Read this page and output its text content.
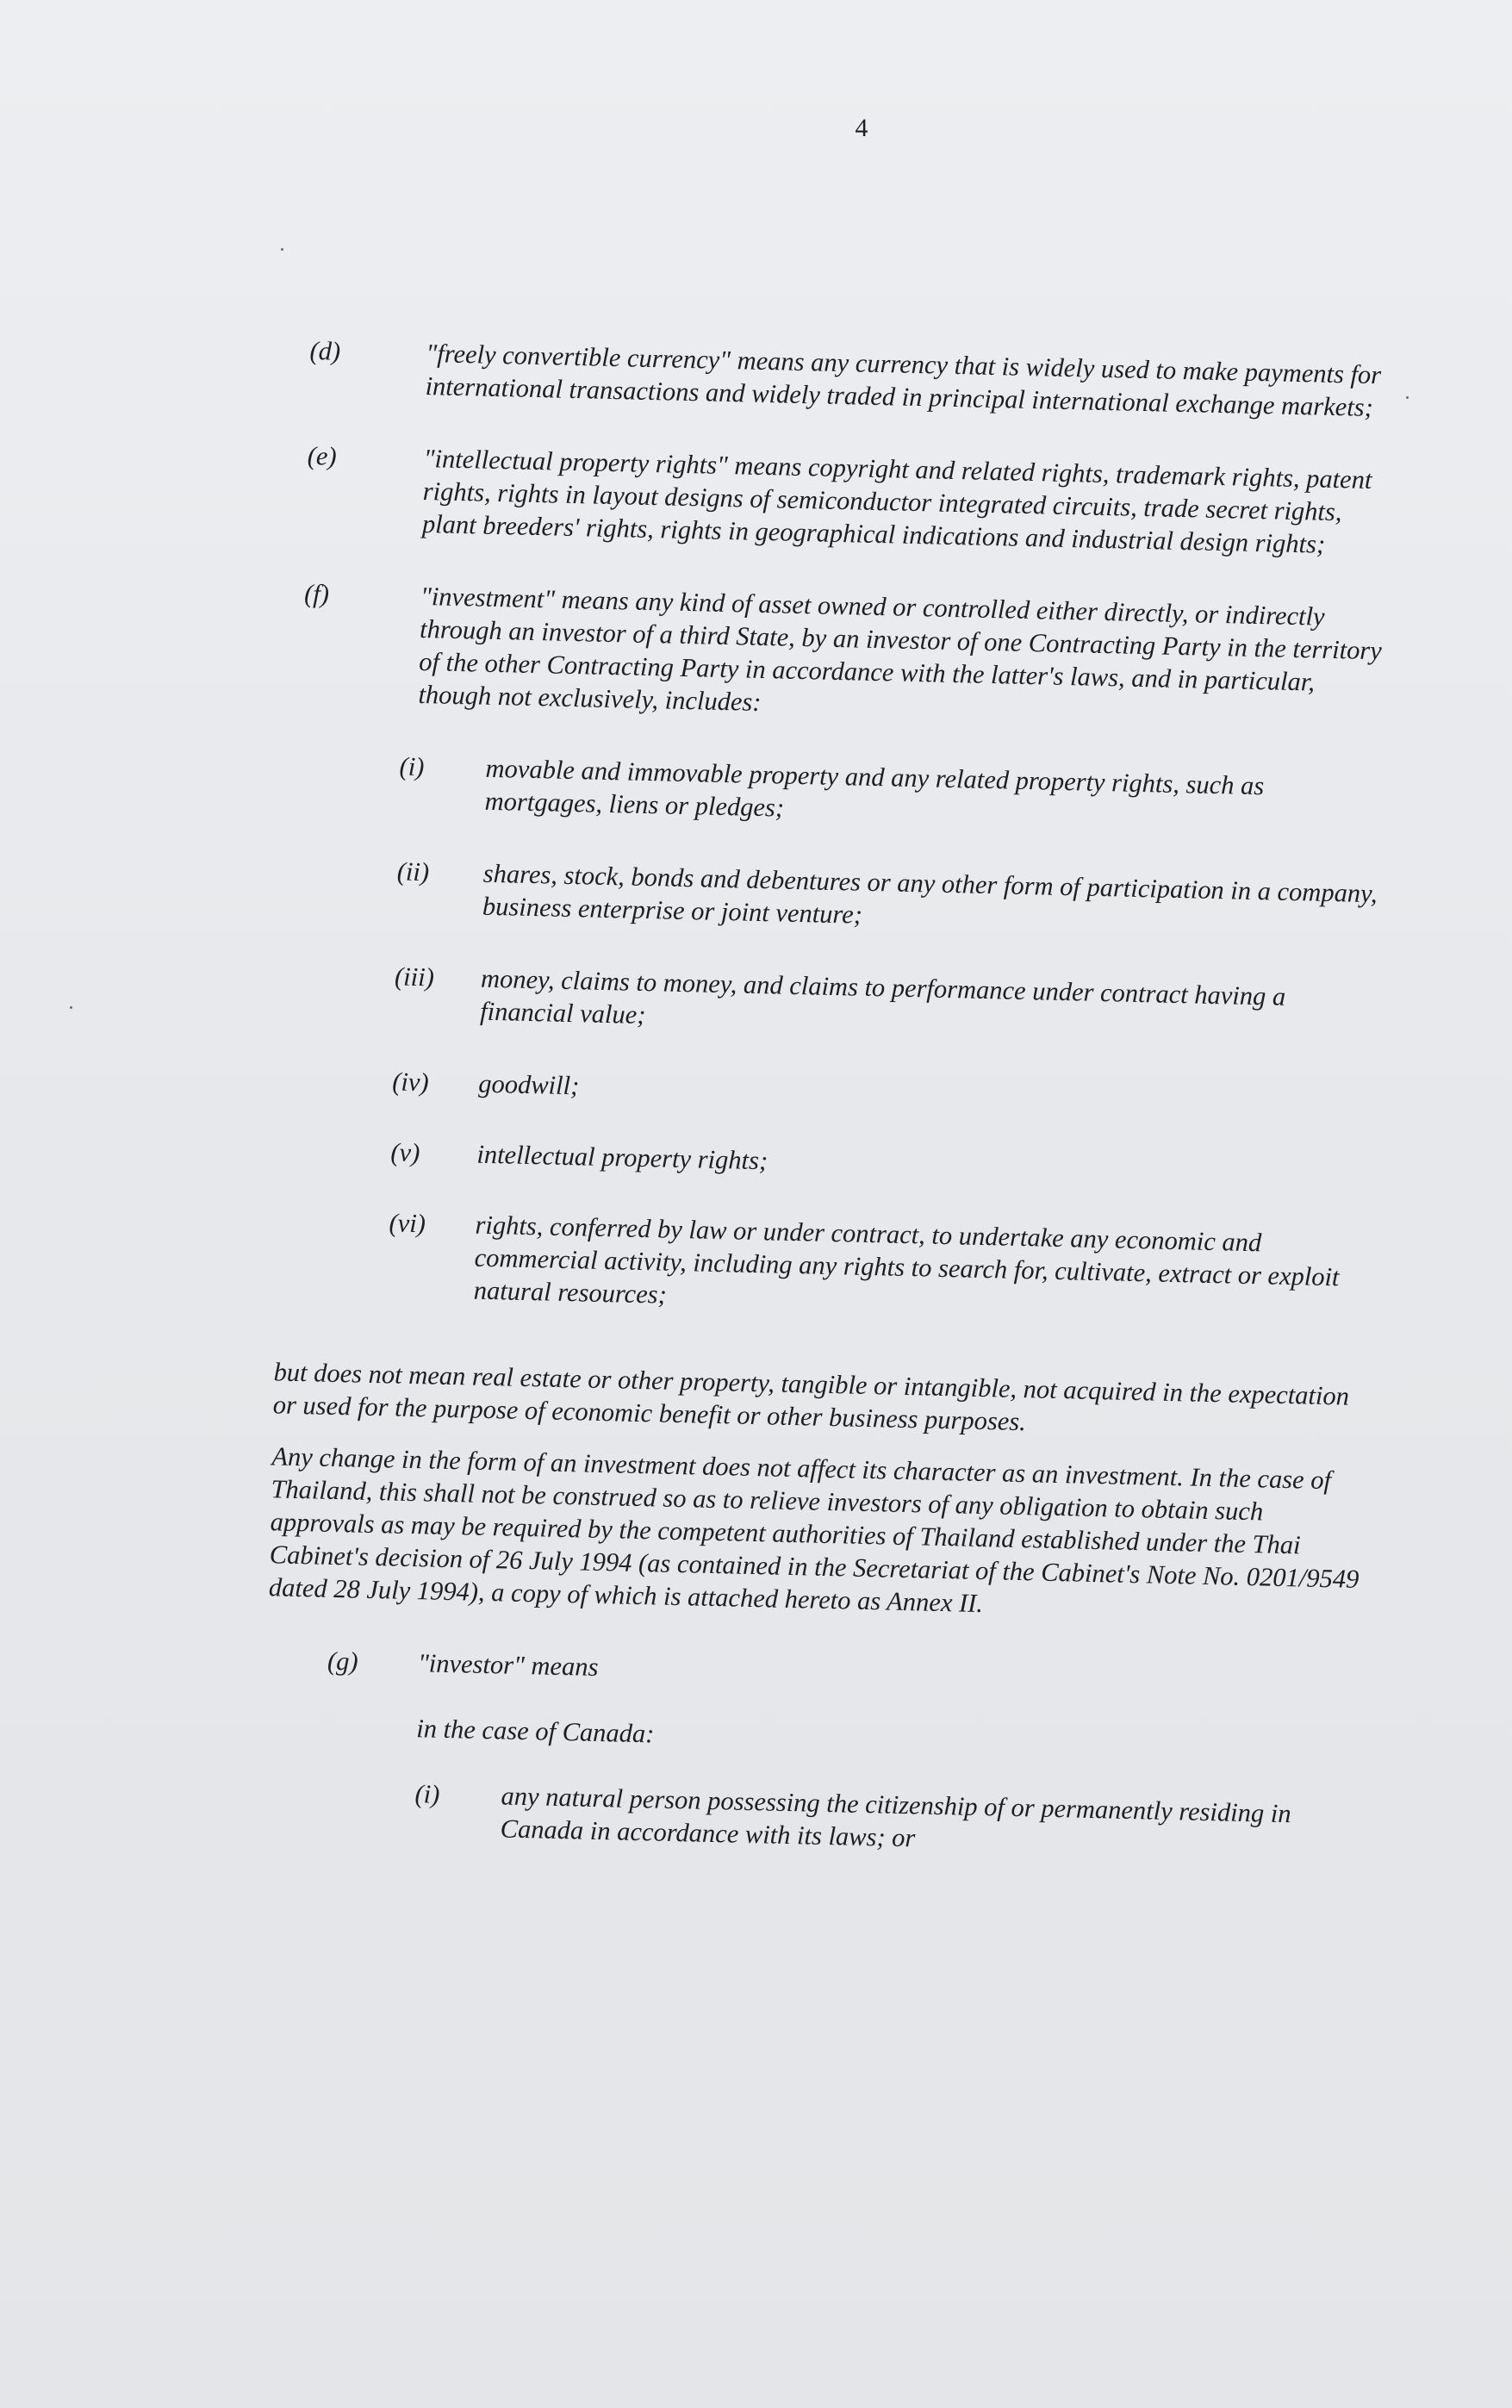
4
(d)	"freely convertible currency" means any currency that is widely used to make payments for international transactions and widely traded in principal international exchange markets;

(e)	"intellectual property rights" means copyright and related rights, trademark rights, patent rights, rights in layout designs of semiconductor integrated circuits, trade secret rights, plant breeders' rights, rights in geographical indications and industrial design rights;

(f)	"investment" means any kind of asset owned or controlled either directly, or indirectly through an investor of a third State, by an investor of one Contracting Party in the territory of the other Contracting Party in accordance with the latter's laws, and in particular, though not exclusively, includes:

(i) movable and immovable property and any related property rights, such as mortgages, liens or pledges;

(ii) shares, stock, bonds and debentures or any other form of participation in a company, business enterprise or joint venture;

(iii) money, claims to money, and claims to performance under contract having a financial value;

(iv) goodwill;

(v) intellectual property rights;

(vi) rights, conferred by law or under contract, to undertake any economic and commercial activity, including any rights to search for, cultivate, extract or exploit natural resources;

but does not mean real estate or other property, tangible or intangible, not acquired in the expectation or used for the purpose of economic benefit or other business purposes.

Any change in the form of an investment does not affect its character as an investment. In the case of Thailand, this shall not be construed so as to relieve investors of any obligation to obtain such approvals as may be required by the competent authorities of Thailand established under the Thai Cabinet's decision of 26 July 1994 (as contained in the Secretariat of the Cabinet's Note No. 0201/9549 dated 28 July 1994), a copy of which is attached hereto as Annex II.

(g) "investor" means

in the case of Canada:

(i) any natural person possessing the citizenship of or permanently residing in Canada in accordance with its laws; or
